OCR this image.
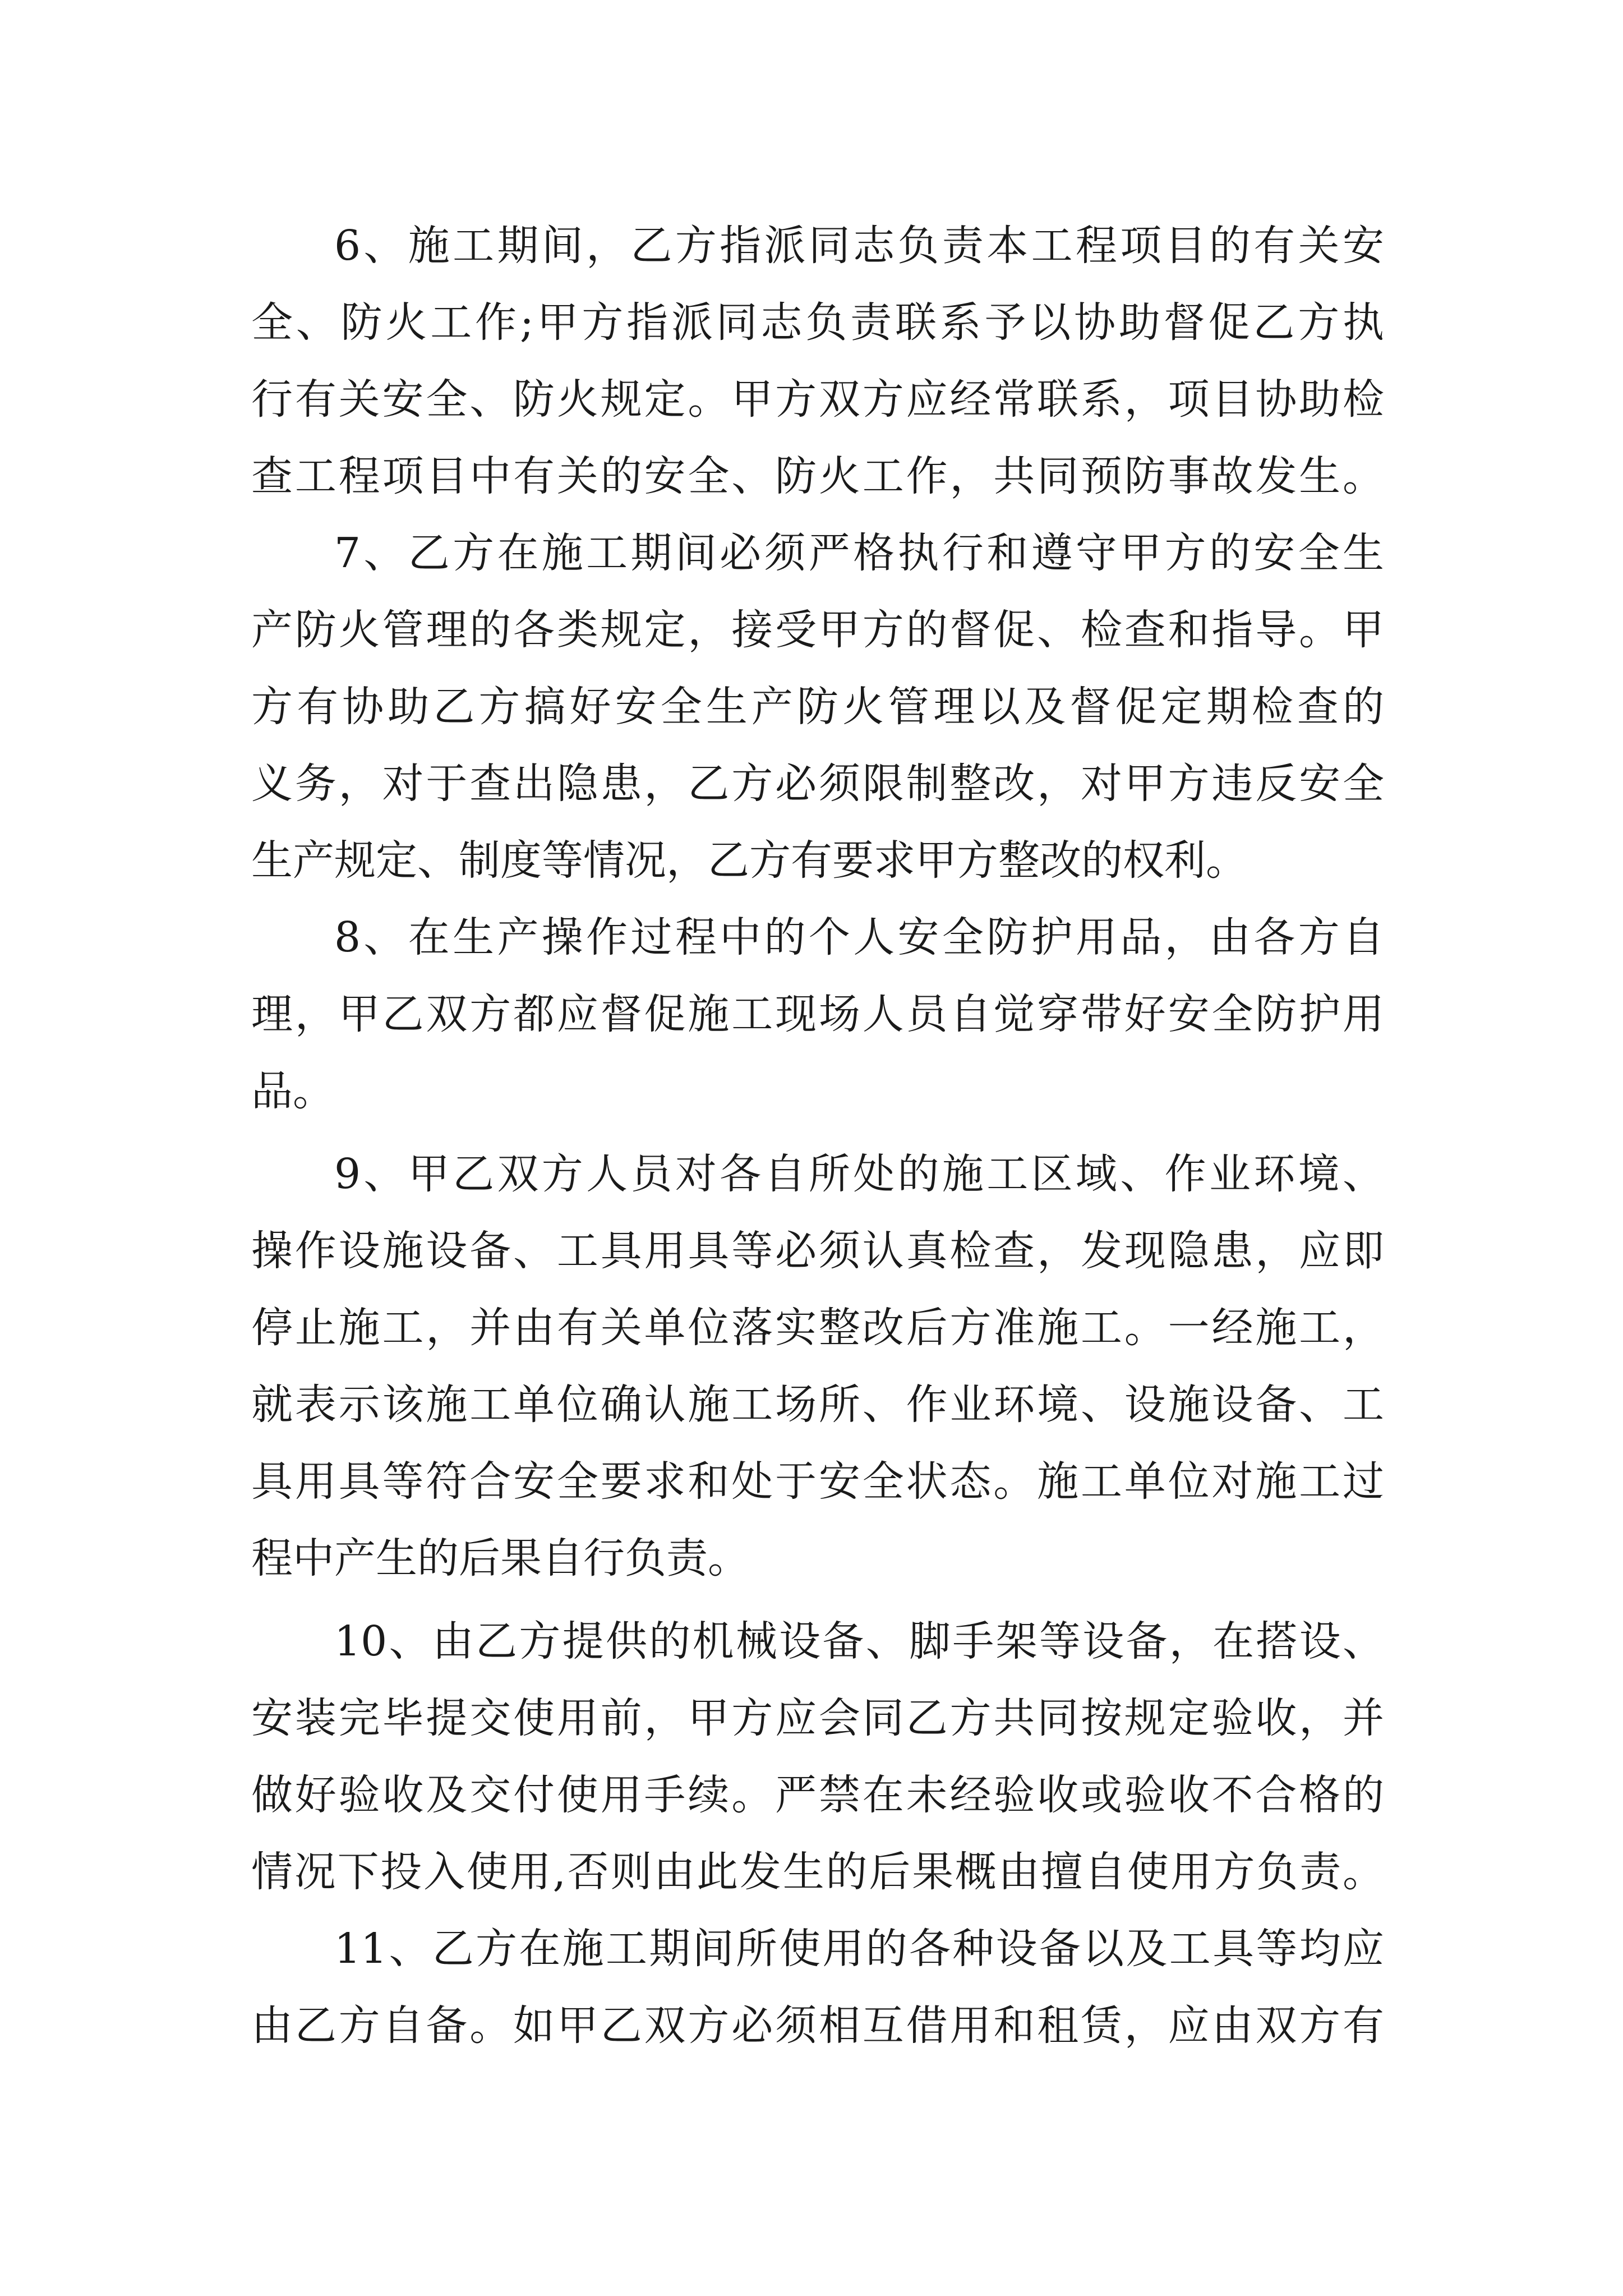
6、施工期间，乙方指派同志负责本工程项目的有关安
全、防火工作;甲方指派同志负责联系予以协助督促乙方执
行有关安全、防火规定。甲方双方应经常联系，项目协助检
查工程项目中有关的安全、防火工作，共同预防事故发生。
7、乙方在施工期间必须严格执行和遵守甲方的安全生
产防火管理的各类规定，接受甲方的督促、检查和指导。甲
方有协助乙方搞好安全生产防火管理以及督促定期检查的
义务，对于查出隐患，乙方必须限制整改，对甲方违反安全
生产规定、制度等情况，乙方有要求甲方整改的权利。
8、在生产操作过程中的个人安全防护用品，由各方自
理，甲乙双方都应督促施工现场人员自觉穿带好安全防护用
品。
9、甲乙双方人员对各自所处的施工区域、作业环境、
操作设施设备、工具用具等必须认真检查，发现隐患，应即
停止施工，并由有关单位落实整改后方准施工。一经施工，
就表示该施工单位确认施工场所、作业环境、设施设备、工
具用具等符合安全要求和处于安全状态。施工单位对施工过
程中产生的后果自行负责。
10、由乙方提供的机械设备、脚手架等设备，在搭设、
安装完毕提交使用前，甲方应会同乙方共同按规定验收，并
做好验收及交付使用手续。严禁在未经验收或验收不合格的
情况下投入使用,否则由此发生的后果概由擅自使用方负责。
11、乙方在施工期间所使用的各种设备以及工具等均应
由乙方自备。如甲乙双方必须相互借用和租赁，应由双方有
